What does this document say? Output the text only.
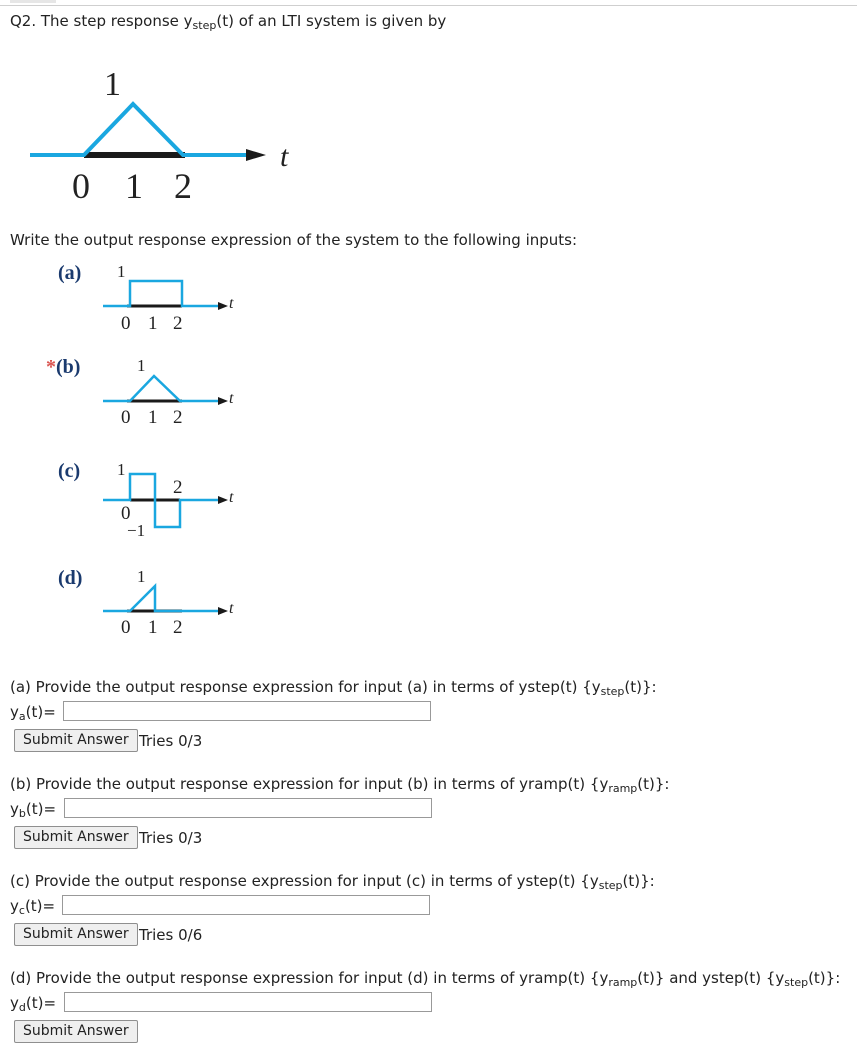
Q2. The step response $y_{step}(t)$ of an LTI system is given by
1
t
0 1 2
Write the output response expression of the system to the following inputs:
(a) 1
t
0 1 2
*(b)	1
t
0 1 2
(c) 1
t
0
2
−1
(d)	1
t
0 1 2
(a) Provide the output response expression for input (a) in terms of ystep(t) $\{y_{step}(t)\}$:
$y_a(t)=$
Submit Answer Tries 0/3
(b) Provide the output response expression for input (b) in terms of yramp(t) $\{y_{ramp}(t)\}$:
$y_b(t)=$
Submit Answer Tries 0/3
(c) Provide the output response expression for input (c) in terms of ystep(t) $\{y_{step}(t)\}$:
$y_c(t)=$
Submit Answer Tries 0/6
(d) Provide the output response expression for input (d) in terms of yramp(t) $\{y_{ramp}(t)\}$ and ystep(t) $\{y_{step}(t)\}$:
$y_d(t)=$
Submit Answer
